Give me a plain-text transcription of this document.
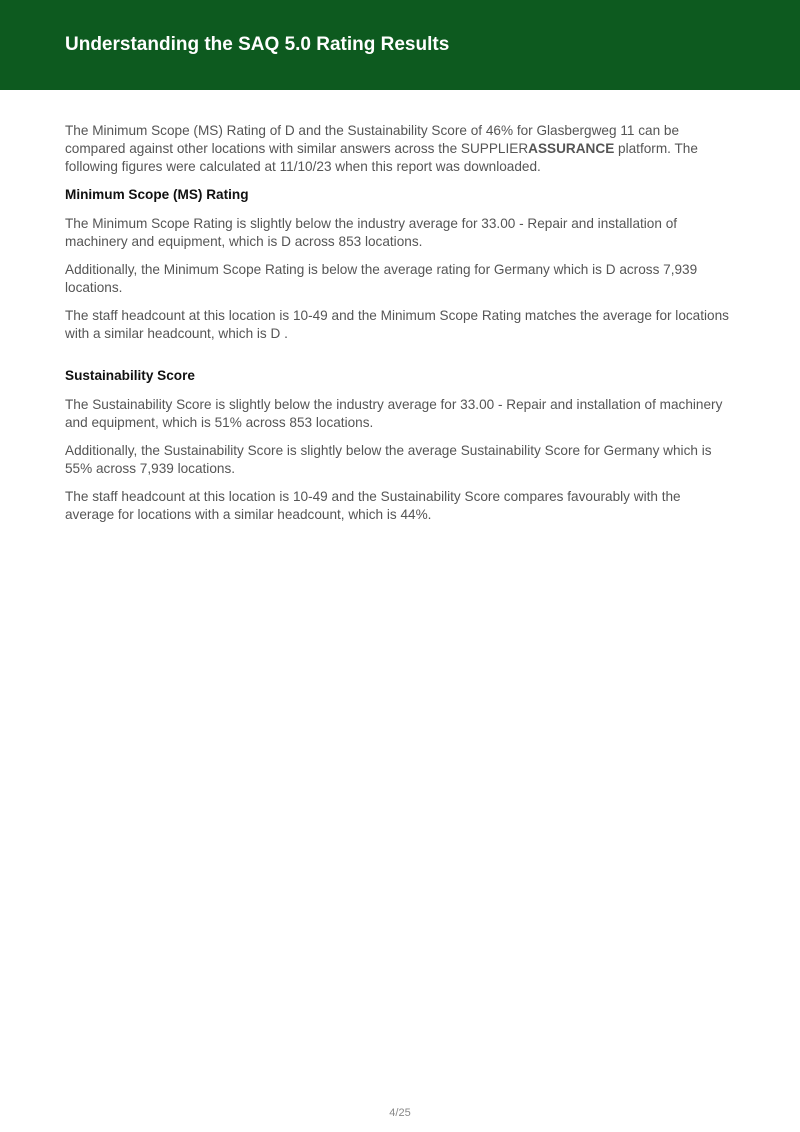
Understanding the SAQ 5.0 Rating Results

The Minimum Scope (MS) Rating of D and the Sustainability Score of 46% for Glasbergweg 11 can be compared against other locations with similar answers across the SUPPLIERASSURANCE platform. The following figures were calculated at 11/10/23 when this report was downloaded.

Minimum Scope (MS) Rating

The Minimum Scope Rating is slightly below the industry average for 33.00 - Repair and installation of machinery and equipment, which is D across 853 locations.

Additionally, the Minimum Scope Rating is below the average rating for Germany which is D across 7,939 locations.

The staff headcount at this location is 10-49 and the Minimum Scope Rating matches the average for locations with a similar headcount, which is D .

Sustainability Score

The Sustainability Score is slightly below the industry average for 33.00 - Repair and installation of machinery and equipment, which is 51% across 853 locations.

Additionally, the Sustainability Score is slightly below the average Sustainability Score for Germany which is 55% across 7,939 locations.

The staff headcount at this location is 10-49 and the Sustainability Score compares favourably with the average for locations with a similar headcount, which is 44%.

4/25
